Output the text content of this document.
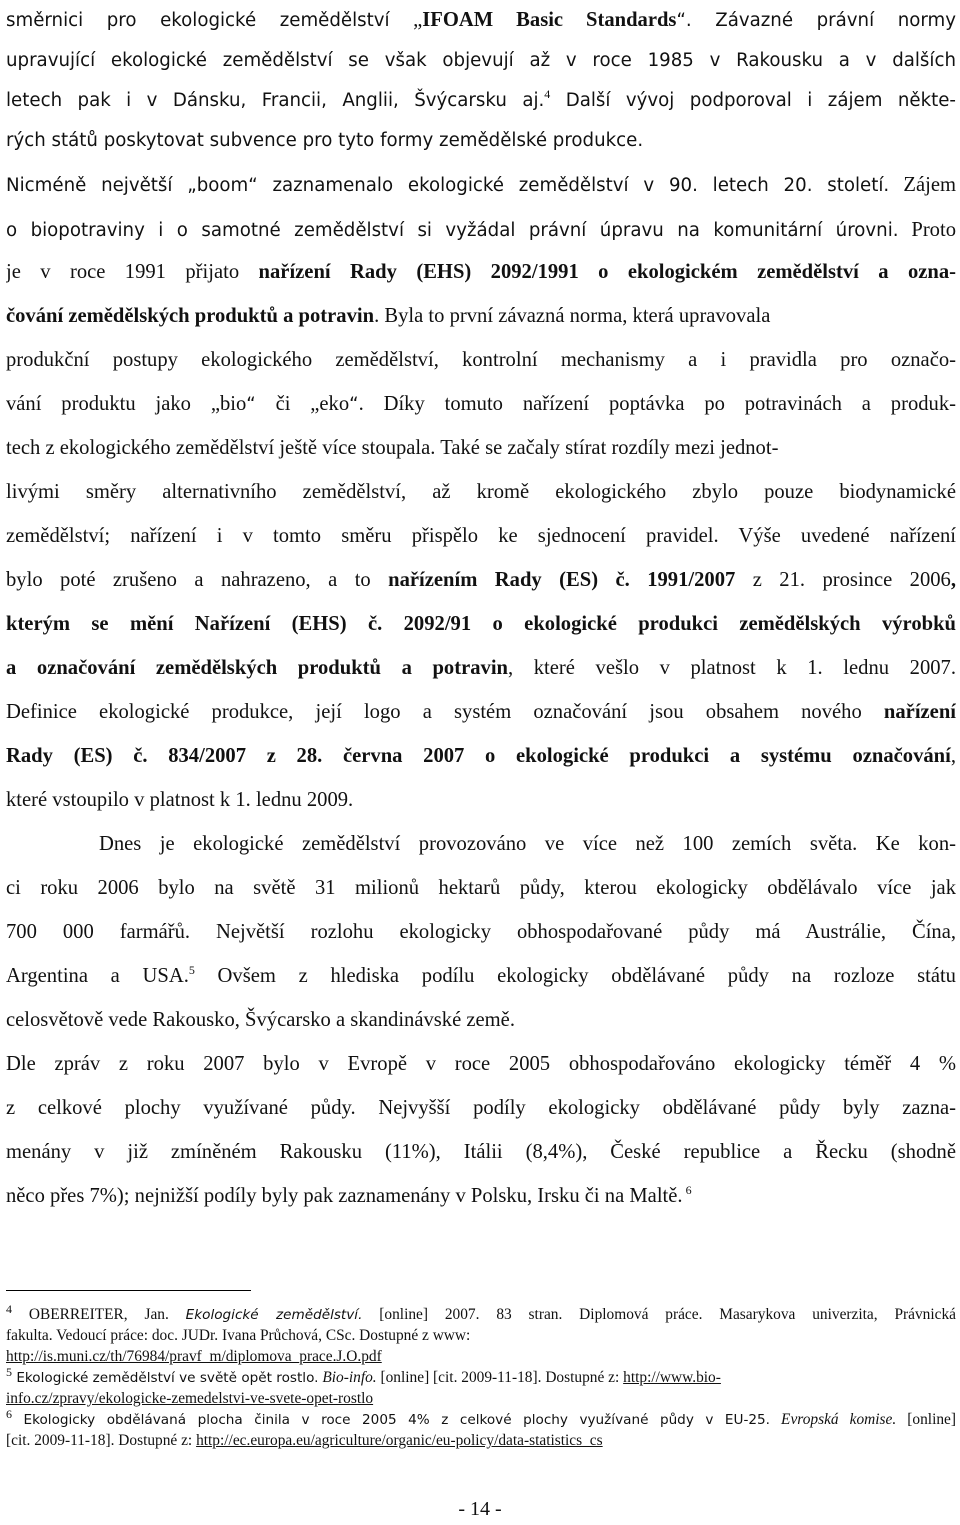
směrnici pro ekologické zemědělství „IFOAM Basic Standards“. Závazné právní normy
upravující ekologické zemědělství se však objevují až v roce 1985 v Rakousku a v dalších
letech pak i v Dánsku, Francii, Anglii, Švýcarsku aj.$^4$ Další vývoj podporoval i zájem někte-
rých států poskytovat subvence pro tyto formy zemědělské produkce.
Nicméně největší „boom“ zaznamenalo ekologické zemědělství v 90. letech 20. století. Zájem
o biopotraviny i o samotné zemědělství si vyžádal právní úpravu na komunitární úrovni. Proto
je v roce 1991 přijato nařízení Rady (EHS) 2092/1991 o ekologickém zemědělství a ozna-
čování zemědělských produktů a potravin. Byla to první závazná norma, která upravovala
produkční postupy ekologického zemědělství, kontrolní mechanismy a i pravidla pro označo-
vání produktu jako „bio“ či „eko“. Díky tomuto nařízení poptávka po potravinách a produk-
tech z ekologického zemědělství ještě více stoupala. Také se začaly stírat rozdíly mezi jednot-
livými směry alternativního zemědělství, až kromě ekologického zbylo pouze biodynamické
zemědělství; nařízení i v tomto směru přispělo ke sjednocení pravidel. Výše uvedené nařízení
bylo poté zrušeno a nahrazeno, a to nařízením Rady (ES) č. 1991/2007 z 21. prosince 2006,
kterým se mění Nařízení (EHS) č. 2092/91 o ekologické produkci zemědělských výrobků
a označování zemědělských produktů a potravin, které vešlo v platnost k 1. lednu 2007.
Definice ekologické produkce, její logo a systém označování jsou obsahem nového nařízení
Rady (ES) č. 834/2007 z 28. června 2007 o ekologické produkci a systému označování,
které vstoupilo v platnost k 1. lednu 2009.
Dnes je ekologické zemědělství provozováno ve více než 100 zemích světa. Ke kon-
ci roku 2006 bylo na světě 31 milionů hektarů půdy, kterou ekologicky obdělávalo více jak
700 000 farmářů. Největší rozlohu ekologicky obhospodařované půdy má Austrálie, Čína,
Argentina a USA.$^5$ Ovšem z hlediska podílu ekologicky obdělávané půdy na rozloze státu
celosvětově vede Rakousko, Švýcarsko a skandinávské země.
Dle zpráv z roku 2007 bylo v Evropě v roce 2005 obhospodařováno ekologicky téměř 4 %
z celkové plochy využívané půdy. Nejvyšší podíly ekologicky obdělávané půdy byly zazna-
menány v již zmíněném Rakousku (11%), Itálii (8,4%), České republice a Řecku (shodně
něco přes 7%); nejnižší podíly byly pak zaznamenány v Polsku, Irsku či na Maltě. $^6$
$^4$ OBERREITER, Jan. Ekologické zemědělství. [online] 2007. 83 stran. Diplomová práce. Masarykova univerzita, Právnická
fakulta. Vedoucí práce: doc. JUDr. Ivana Průchová, CSc. Dostupné z www:
http://is.muni.cz/th/76984/pravf_m/diplomova_prace.J.O.pdf
$^5$ Ekologické zemědělství ve světě opět rostlo. Bio-info. [online] [cit. 2009-11-18]. Dostupné z: http://www.bio-
info.cz/zpravy/ekologicke-zemedelstvi-ve-svete-opet-rostlo
$^6$ Ekologicky obdělávaná plocha činila v roce 2005 4% z celkové plochy využívané půdy v EU-25. Evropská komise. [online]
[cit. 2009-11-18]. Dostupné z: http://ec.europa.eu/agriculture/organic/eu-policy/data-statistics_cs
- 14 -
